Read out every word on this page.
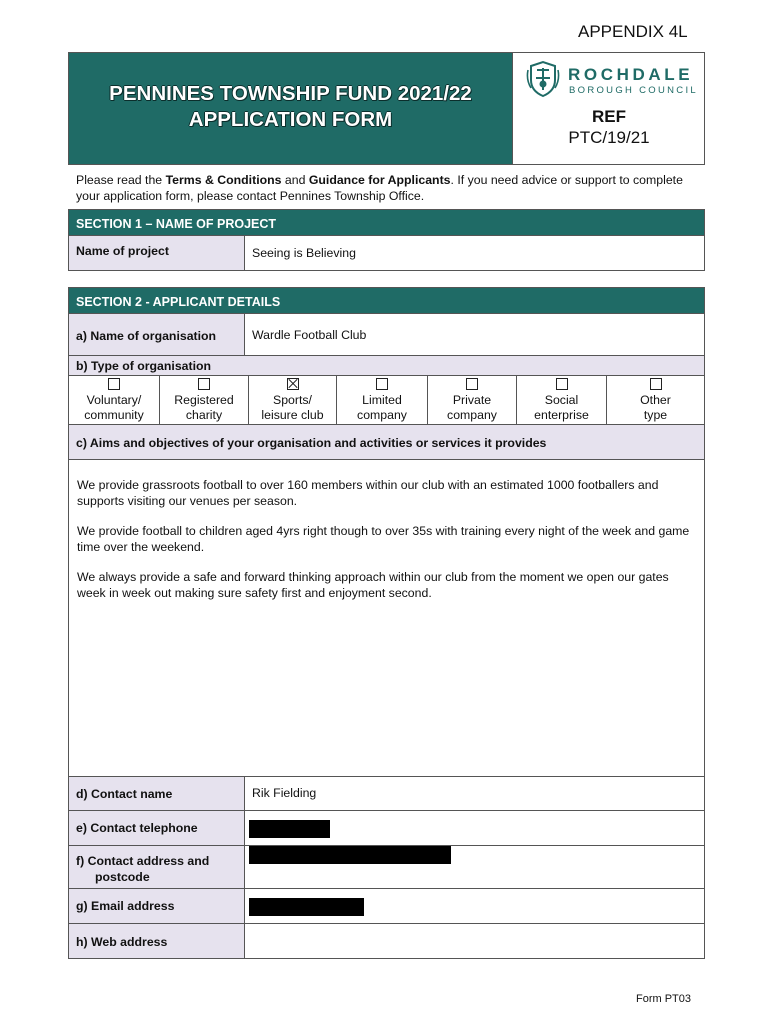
APPENDIX 4L
PENNINES TOWNSHIP FUND 2021/22
APPLICATION FORM
ROCHDALE
BOROUGH COUNCIL
REF
PTC/19/21
Please read the Terms & Conditions and Guidance for Applicants. If you need advice or support to complete your application form, please contact Pennines Township Office.
SECTION 1 – NAME OF PROJECT
Name of project	Seeing is Believing
SECTION 2 - APPLICANT DETAILS
a) Name of organisation	Wardle Football Club
b) Type of organisation
Voluntary/
community
Registered
charity
Sports/
leisure club
Limited
company
Private
company
Social
enterprise
Other
type
c) Aims and objectives of your organisation and activities or services it provides

We provide grassroots football to over 160 members within our club with an estimated 1000 footballers and supports visiting our venues per season.

We provide football to children aged 4yrs right though to over 35s with training every night of the week and game time over the weekend.

We always provide a safe and forward thinking approach within our club from the moment we open our gates week in week out making sure safety first and enjoyment second.

d) Contact name	Rik Fielding
e) Contact telephone
f) Contact address and
postcode
g) Email address
h) Web address
Form PT03
